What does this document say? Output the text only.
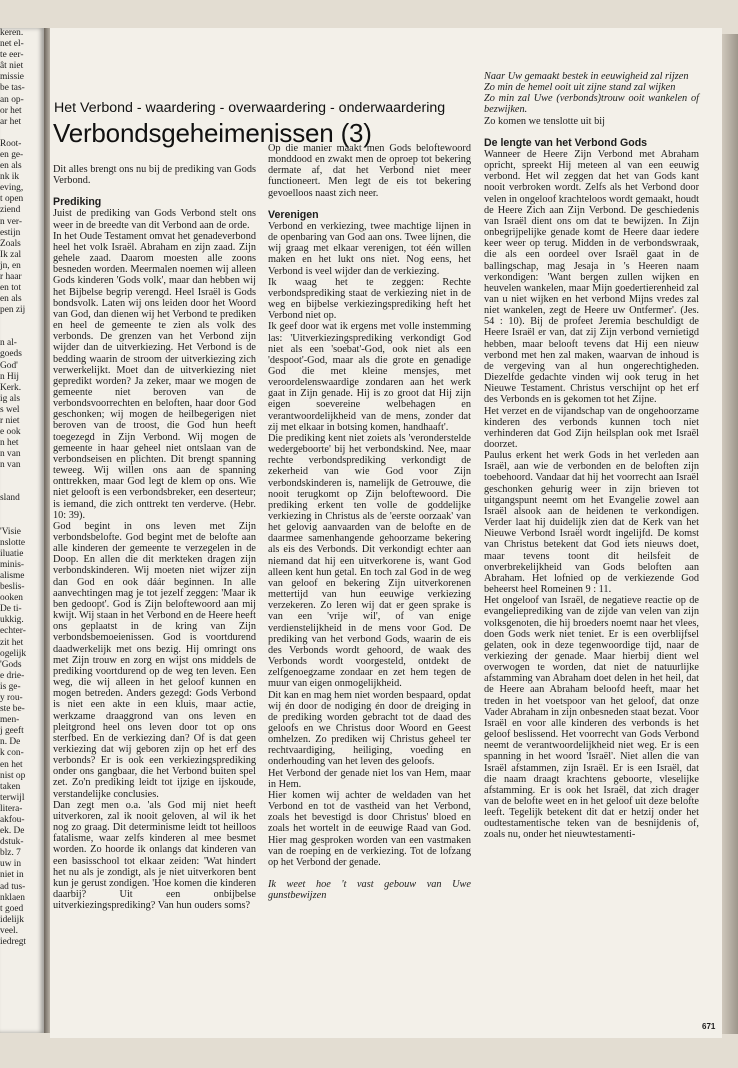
keren.

net el-

te eer-

ât niet

missie

be tas-

an op-

or het

ar het

Root-

en ge-

en als

nk ik

eving,

t open

ziend

n ver-

estijn

Zoals

Ik zal

jn, en

r haar

en tot

en als

pen zij

n al-

goeds

God'

n Hij

Kerk.

ig als

s wel

r niet

e ook

n het

n van

n van

sland

'Visie

nslotte

iluatie

minis-

alisme

beslis-

ooken

De ti-

ukkig.

echter-

zit het

ogelijk

'Gods

e drie-

is ge-

y rou-

ste be-

men-

j geeft

n. De

k con-

en het

nist op

taken

terwijl

litera-

akfou-

ek. De

dstuk-

blz. 7

uw in

niet in

ad tus-

nklaen

t goed

idelijk

veel.

iedregt

Dit alles brengt ons nu bij de prediking van Gods Verbond.

Prediking

Juist de prediking van Gods Verbond stelt ons weer in de breedte van dit Verbond aan de orde.

In het Oude Testament omvat het genadeverbond heel het volk Israël. Abraham en zijn zaad. Zijn gehele zaad. Daarom moesten alle zoons besneden worden. Meermalen noemen wij alleen Gods kinderen 'Gods volk', maar dan hebben wij het Bijbelse begrip verengd. Heel Israël is Gods bondsvolk. Laten wij ons leiden door het Woord van God, dan dienen wij het Verbond te prediken en heel de gemeente te zien als volk des verbonds. De grenzen van het Verbond zijn wijder dan de uitverkiezing. Het Verbond is de bedding waarin de stroom der uitverkiezing zich verwerkelijkt. Moet dan de uitverkiezing niet gepredikt worden? Ja zeker, maar we mogen de gemeente niet beroven van de verbondsvoorrechten en beloften, haar door God geschonken; wij mogen de heilbegerigen niet beroven van de troost, die God hun heeft toegezegd in Zijn Verbond. Wij mogen de gemeente in haar geheel niet ontslaan van de verbondseisen en plichten. Dit brengt spanning teweeg. Wij willen ons aan de spanning onttrekken, maar God legt de klem op ons. Wie niet gelooft is een verbondsbreker, een deserteur; is iemand, die zich onttrekt ten verderve. (Hebr. 10: 39).

God begint in ons leven met Zijn verbondsbelofte. God begint met de belofte aan alle kinderen der gemeente te verzegelen in de Doop. En allen die dit merkteken dragen zijn verbondskinderen. Wij moeten niet wijzer zijn dan God en ook dáár beginnen. In alle aanvechtingen mag je tot jezelf zeggen: 'Maar ik ben gedoopt'. God is Zijn beloftewoord aan mij kwijt. Wij staan in het Verbond en de Heere heeft ons geplaatst in de kring van Zijn verbondsbemoeienissen. God is voortdurend daadwerkelijk met ons bezig. Hij omringt ons met Zijn trouw en zorg en wijst ons middels de prediking voortdurend op de weg ten leven. Een weg, die wij alleen in het geloof kunnen en mogen betreden. Anders gezegd: Gods Verbond is niet een akte in een kluis, maar actie, werkzame draaggrond van ons leven en pleitgrond heel ons leven door tot op ons sterfbed. En de verkiezing dan? Of is dat geen verkiezing dat wij geboren zijn op het erf des verbonds? Er is ook een verkiezingsprediking onder ons gangbaar, die het Verbond buiten spel zet. Zo'n prediking leidt tot ijzige en ijskoude, verstandelijke conclusies.

Dan zegt men o.a. 'als God mij niet heeft uitverkoren, zal ik nooit geloven, al wil ik het nog zo graag. Dit determinisme leidt tot heilloos fatalisme, waar zelfs kinderen al mee besmet worden. Zo hoorde ik onlangs dat kinderen van een basisschool tot elkaar zeiden: 'Wat hindert het nu als je zondigt, als je niet uitverkoren bent kun je gerust zondigen. 'Hoe komen die kinderen daarbij? Uit een onbijbelse uitverkiezingsprediking? Van hun ouders soms?

Op die manier maakt men Gods beloftewoord monddood en zwakt men de oproep tot bekering dermate af, dat het Verbond niet meer functioneert. Men legt de eis tot bekering gevoelloos naast zich neer.

Verenigen

Verbond en verkiezing, twee machtige lijnen in de openbaring van God aan ons. Twee lijnen, die wij graag met elkaar verenigen, tot één willen maken en het lukt ons niet. Nog eens, het Verbond is veel wijder dan de verkiezing.

Ik waag het te zeggen: Rechte verbondsprediking staat de verkiezing niet in de weg en bijbelse verkiezingsprediking heft het Verbond niet op.

Ik geef door wat ik ergens met volle instemming las: 'Uitverkiezingsprediking verkondigt God niet als een 'soebat'-God, ook niet als een 'despoot'-God, maar als die grote en genadige God die met kleine mensjes, met veroordelenswaardige zondaren aan het werk gaat in Zijn genade. Hij is zo groot dat Hij zijn eigen soevereine welbehagen en verantwoordelijkheid van de mens, zonder dat zij met elkaar in botsing komen, handhaaft'.

Die prediking kent niet zoiets als 'veronderstelde wedergeboorte' bij het verbondskind. Nee, maar rechte verbondsprediking verkondigt de zekerheid van wie God voor Zijn verbondskinderen is, namelijk de Getrouwe, die nooit terugkomt op Zijn beloftewoord. Die prediking erkent ten volle de goddelijke verkiezing in Christus als de 'eerste oorzaak' van het gelovig aanvaarden van de belofte en de daarmee samenhangende gehoorzame bekering als eis des Verbonds. Dit verkondigt echter aan niemand dat hij een uitverkorene is, want God alleen kent hun getal. En toch zal God in de weg van geloof en bekering Zijn uitverkorenen mettertijd van hun eeuwige verkiezing verzekeren. Zo leren wij dat er geen sprake is van een 'vrije wil', of van enige verdienstelijkheid in de mens voor God. De prediking van het verbond Gods, waarin de eis des Verbonds wordt gehoord, de waak des Verbonds wordt voorgesteld, ontdekt de zelfgenoegzame zondaar en zet hem tegen de muur van eigen onmogelijkheid.

Dit kan en mag hem niet worden bespaard, opdat wij én door de nodiging én door de dreiging in de prediking worden gebracht tot de daad des geloofs en we Christus door Woord en Geest omhelzen. Zo prediken wij Christus geheel ter rechtvaardiging, heiliging, voeding en onderhouding van het leven des geloofs.

Het Verbond der genade niet los van Hem, maar in Hem.

Hier komen wij achter de weldaden van het Verbond en tot de vastheid van het Verbond, zoals het bevestigd is door Christus' bloed en zoals het wortelt in de eeuwige Raad van God. Hier mag gesproken worden van een vastmaken van de roeping en de verkiezing. Tot de lofzang op het Verbond der genade.

Ik weet hoe 't vast gebouw van Uwe gunstbewijzen

Naar Uw gemaakt bestek in eeuwigheid zal rijzen

Zo min de hemel ooit uit zijne stand zal wijken

Zo min zal Uwe (verbonds)trouw ooit wankelen of bezwijken.

Zo komen we tenslotte uit bij

De lengte van het Verbond Gods

Wanneer de Heere Zijn Verbond met Abraham opricht, spreekt Hij meteen al van een eeuwig verbond. Het wil zeggen dat het van Gods kant nooit verbroken wordt. Zelfs als het Verbond door velen in ongeloof krachteloos wordt gemaakt, houdt de Heere Zich aan Zijn Verbond. De geschiedenis van Israël dient ons om dat te bewijzen. In Zijn onbegrijpelijke genade komt de Heere daar iedere keer weer op terug. Midden in de verbondswraak, die als een oordeel over Israël gaat in de ballingschap, mag Jesaja in 's Heeren naam verkondigen: 'Want bergen zullen wijken en heuvelen wankelen, maar Mijn goedertierenheid zal van u niet wijken en het verbond Mijns vredes zal niet wankelen, zegt de Heere uw Ontfermer'. (Jes. 54 : 10). Bij de profeet Jeremia beschuldigt de Heere Israël er van, dat zij Zijn verbond vernietigd hebben, maar belooft tevens dat Hij een nieuw verbond met hen zal maken, waarvan de inhoud is de vergeving van al hun ongerechtigheden. Diezelfde gedachte vinden wij ook terug in het Nieuwe Testament. Christus verschijnt op het erf des Verbonds en is gekomen tot het Zijne.

Het verzet en de vijandschap van de ongehoorzame kinderen des verbonds kunnen toch niet verhinderen dat God Zijn heilsplan ook met Israël doorzet.

Paulus erkent het werk Gods in het verleden aan Israël, aan wie de verbonden en de beloften zijn toebehoord. Vandaar dat hij het voorrecht aan Israël geschonken gehurig weer in zijn brieven tot uitgangspunt neemt om het Evangelie zowel aan Israël alsook aan de heidenen te verkondigen. Verder laat hij duidelijk zien dat de Kerk van het Nieuwe Verbond Israël wordt ingelijfd. De komst van Christus betekent dat God iets nieuws doet, maar tevens toont dit heilsfeit de onverbrekelijkheid van Gods beloften aan Abraham. Het lofnied op de verkiezende God beheerst heel Romeinen 9 : 11.

Het ongeloof van Israël, de negatieve reactie op de evangelieprediking van de zijde van velen van zijn volksgenoten, die hij broeders noemt naar het vlees, doen Gods werk niet teniet. Er is een overblijfsel gelaten, ook in deze tegenwoordige tijd, naar de verkiezing der genade. Maar hierbij dient wel overwogen te worden, dat niet de natuurlijke afstamming van Abraham doet delen in het heil, dat de Heere aan Abraham beloofd heeft, maar het treden in het voetspoor van het geloof, dat onze Vader Abraham in zijn onbesneden staat bezat. Voor Israël en voor alle kinderen des verbonds is het geloof beslissend. Het voorrecht van Gods Verbond neemt de verantwoordelijkheid niet weg. Er is een spanning in het woord 'Israël'. Niet allen die van Israël afstammen, zijn Israël. Er is een Israël, dat die naam draagt krachtens geboorte, vleselijke afstamming. Er is ook het Israël, dat zich drager van de belofte weet en in het geloof uit deze belofte leeft. Tegelijk betekent dit dat er hetzij onder het oudtestamentische teken van de besnijdenis of, zoals nu, onder het nieuwtestamenti-

Het Verbond - waardering - overwaardering - onderwaardering
Verbondsgeheimenissen (3)
671
